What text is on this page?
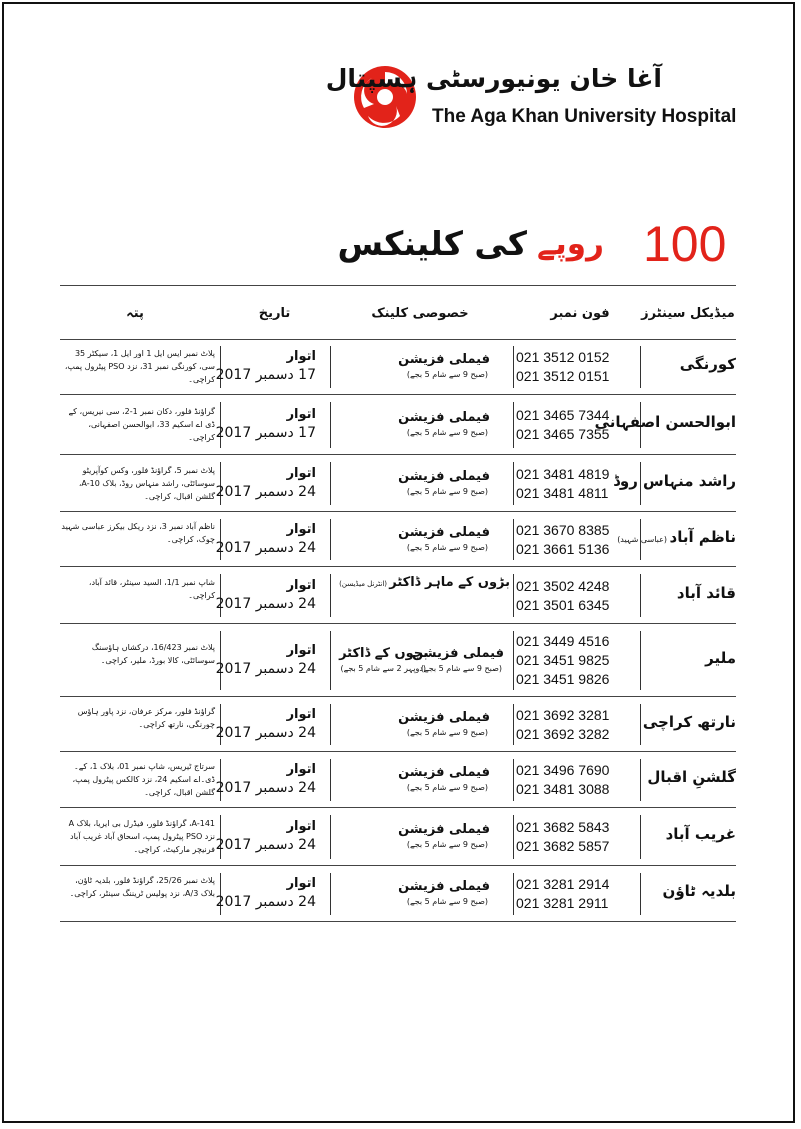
آغا خان یونیورسٹی ہسپتال
The Aga Khan University Hospital
100
روپے
کی کلینکس
میڈیکل سینٹرز
فون نمبر
خصوصی کلینک
تاریخ
پتہ
کورنگی
021 3512 0152
021 3512 0151
فیملی فزیشن
(صبح 9 سے شام 5 بجے)
اتوار
17 دسمبر 2017
پلاٹ نمبر ایس ایل 1 اور ایل 1، سیکٹر 35 سی، کورنگی نمبر 31، نزد PSO پیٹرول پمپ، کراچی۔
ابوالحسن اصفہانی
021 3465 7344
021 3465 7355
فیملی فزیشن
(صبح 9 سے شام 5 بجے)
اتوار
17 دسمبر 2017
گراؤنڈ فلور، دکان نمبر 1-2، سی نیریس، کے ڈی اے اسکیم 33، ابوالحسن اصفہانی، کراچی۔
راشد منہاس روڈ
021 3481 4819
021 3481 4811
فیملی فزیشن
(صبح 9 سے شام 5 بجے)
اتوار
24 دسمبر 2017
پلاٹ نمبر 5، گراؤنڈ فلور، وکس کوآپریٹو سوسائٹی، راشد منہاس روڈ، بلاک A-10، گلشن اقبال، کراچی۔
ناظم آباد (عباسی شہید)
021 3670 8385
021 3661 5136
فیملی فزیشن
(صبح 9 سے شام 5 بجے)
اتوار
24 دسمبر 2017
ناظم آباد نمبر 3، نزد ریکل بیکرز عباسی شہید چوک، کراچی۔
قائد آباد
021 3502 4248
021 3501 6345
بڑوں کے ماہر ڈاکٹر (انٹرنل میڈیسن)
اتوار
24 دسمبر 2017
شاپ نمبر 1/1، السید سینٹر، قائد آباد، کراچی۔
ملیر
021 3449 4516
021 3451 9825
021 3451 9826
فیملی فزیشن
(صبح 9 سے شام 5 بجے)
بچوں کے ڈاکٹر
(دوپہر 2 سے شام 5 بجے)
اتوار
24 دسمبر 2017
پلاٹ نمبر 16/423، درکشاں ہاؤسنگ سوسائٹی، کالا بورڈ، ملیر، کراچی۔
نارتھ کراچی
021 3692 3281
021 3692 3282
فیملی فزیشن
(صبح 9 سے شام 5 بجے)
اتوار
24 دسمبر 2017
گراؤنڈ فلور، مرکز عرفان، نزد پاور ہاؤس چورنگی، نارتھ کراچی۔
گلشنِ اقبال
021 3496 7690
021 3481 3088
فیملی فزیشن
(صبح 9 سے شام 5 بجے)
اتوار
24 دسمبر 2017
سرتاج ٹیریس، شاپ نمبر 01، بلاک 1، کے۔ڈی۔اے اسکیم 24، نزد کالکس پیٹرول پمپ، گلشن اقبال، کراچی۔
غریب آباد
021 3682 5843
021 3682 5857
فیملی فزیشن
(صبح 9 سے شام 5 بجے)
اتوار
24 دسمبر 2017
A-141، گراؤنڈ فلور، فیڈرل بی ایریا، بلاک A نزد PSO پیٹرول پمپ، اسحاق آباد غریب آباد فرنیچر مارکیٹ، کراچی۔
بلدیہ ٹاؤن
021 3281 2914
021 3281 2911
فیملی فزیشن
(صبح 9 سے شام 5 بجے)
اتوار
24 دسمبر 2017
پلاٹ نمبر 25/26، گراؤنڈ فلور، بلدیہ ٹاؤن، بلاک A/3، نزد پولیس ٹریننگ سینٹر، کراچی۔
